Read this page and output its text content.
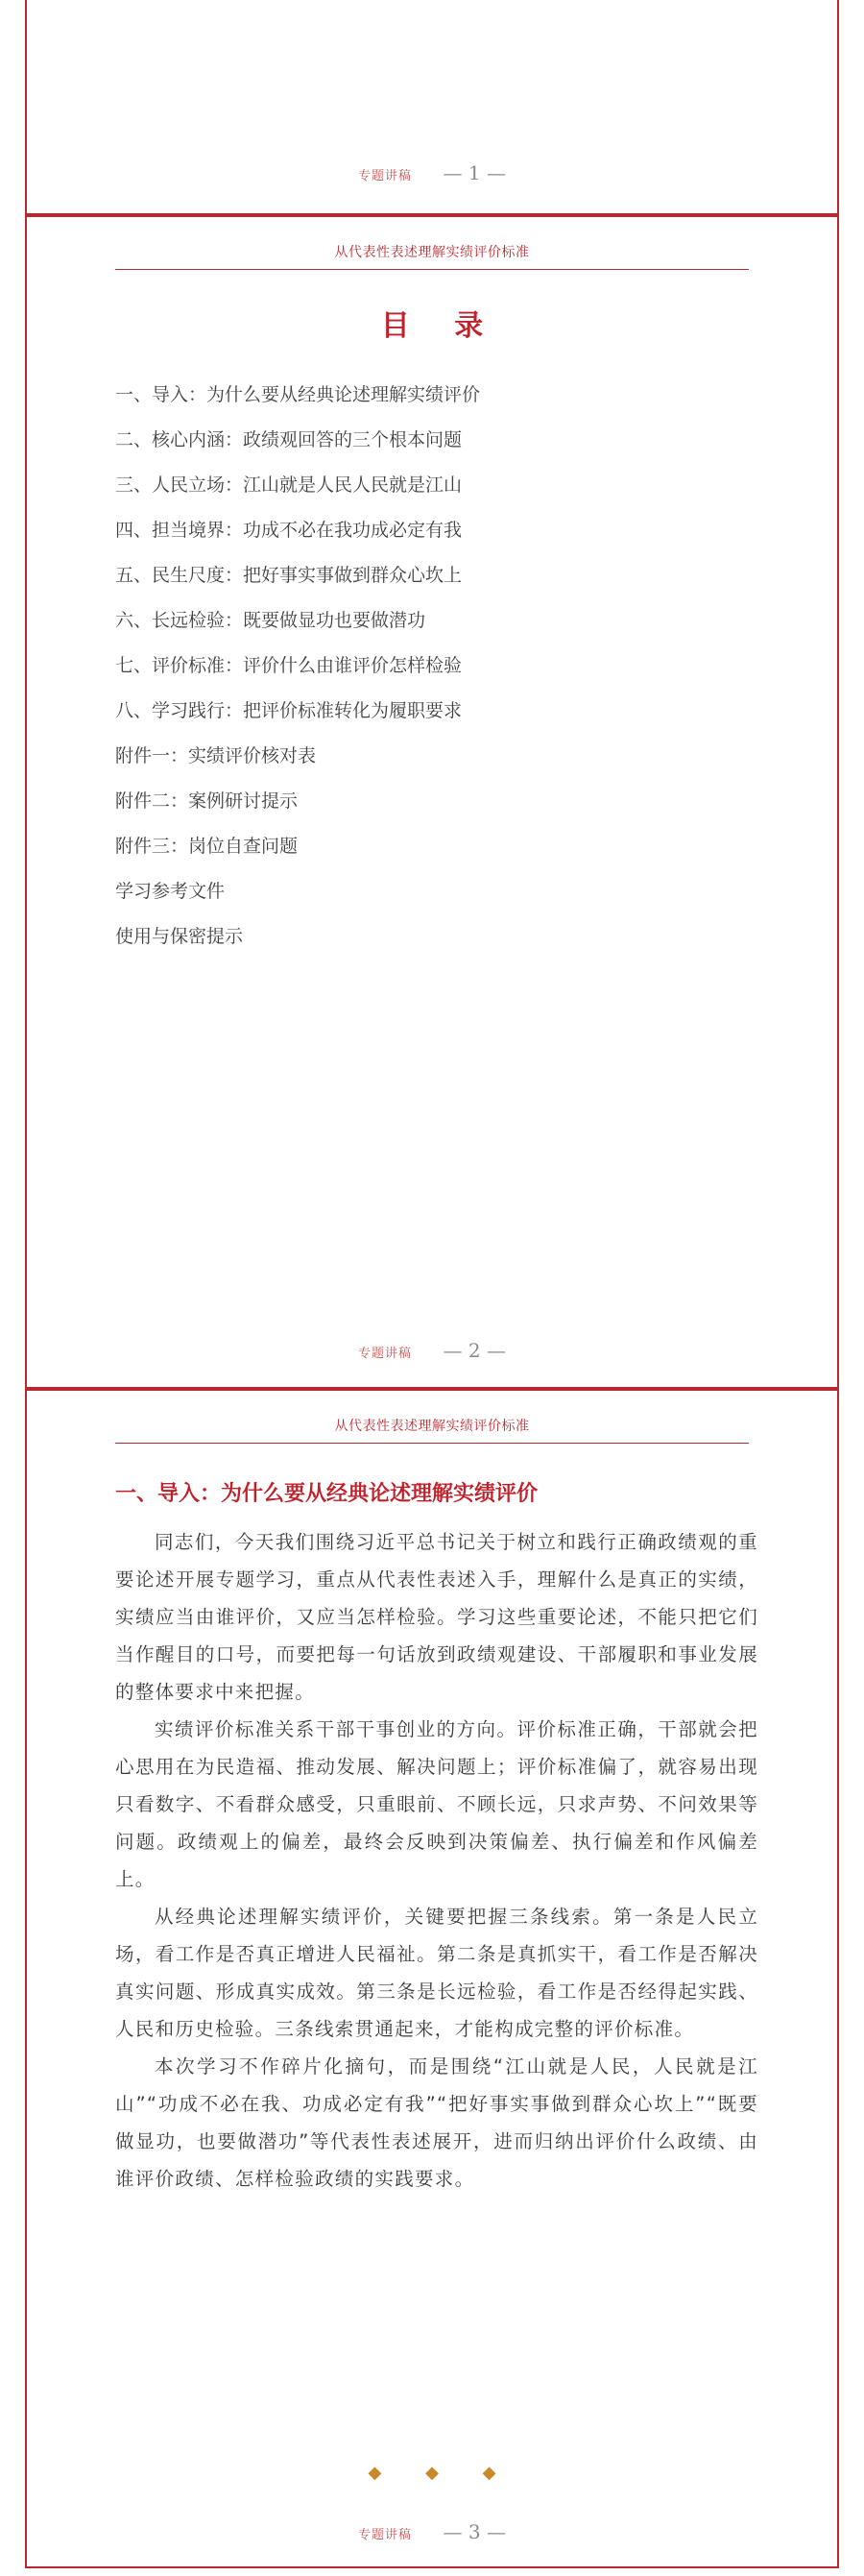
专题讲稿 — 1 —
从代表性表述理解实绩评价标准
目 录
一、导入：为什么要从经典论述理解实绩评价
二、核心内涵：政绩观回答的三个根本问题
三、人民立场：江山就是人民人民就是江山
四、担当境界：功成不必在我功成必定有我
五、民生尺度：把好事实事做到群众心坎上
六、长远检验：既要做显功也要做潜功
七、评价标准：评价什么由谁评价怎样检验
八、学习践行：把评价标准转化为履职要求
附件一：实绩评价核对表
附件二：案例研讨提示
附件三：岗位自查问题
学习参考文件
使用与保密提示
专题讲稿 — 2 —
从代表性表述理解实绩评价标准
一、导入：为什么要从经典论述理解实绩评价

同志们，今天我们围绕习近平总书记关于树立和践行正确政绩观的重要论述开展专题学习，重点从代表性表述入手，理解什么是真正的实绩，实绩应当由谁评价，又应当怎样检验。学习这些重要论述，不能只把它们当作醒目的口号，而要把每一句话放到政绩观建设、干部履职和事业发展的整体要求中来把握。

实绩评价标准关系干部干事创业的方向。评价标准正确，干部就会把心思用在为民造福、推动发展、解决问题上；评价标准偏了，就容易出现只看数字、不看群众感受，只重眼前、不顾长远，只求声势、不问效果等问题。政绩观上的偏差，最终会反映到决策偏差、执行偏差和作风偏差上。

从经典论述理解实绩评价，关键要把握三条线索。第一条是人民立场，看工作是否真正增进人民福祉。第二条是真抓实干，看工作是否解决真实问题、形成真实成效。第三条是长远检验，看工作是否经得起实践、人民和历史检验。三条线索贯通起来，才能构成完整的评价标准。

本次学习不作碎片化摘句，而是围绕“江山就是人民，人民就是江山”“功成不必在我、功成必定有我”“把好事实事做到群众心坎上”“既要做显功，也要做潜功”等代表性表述展开，进而归纳出评价什么政绩、由谁评价政绩、怎样检验政绩的实践要求。

◆	◆	◆
专题讲稿 — 3 —
